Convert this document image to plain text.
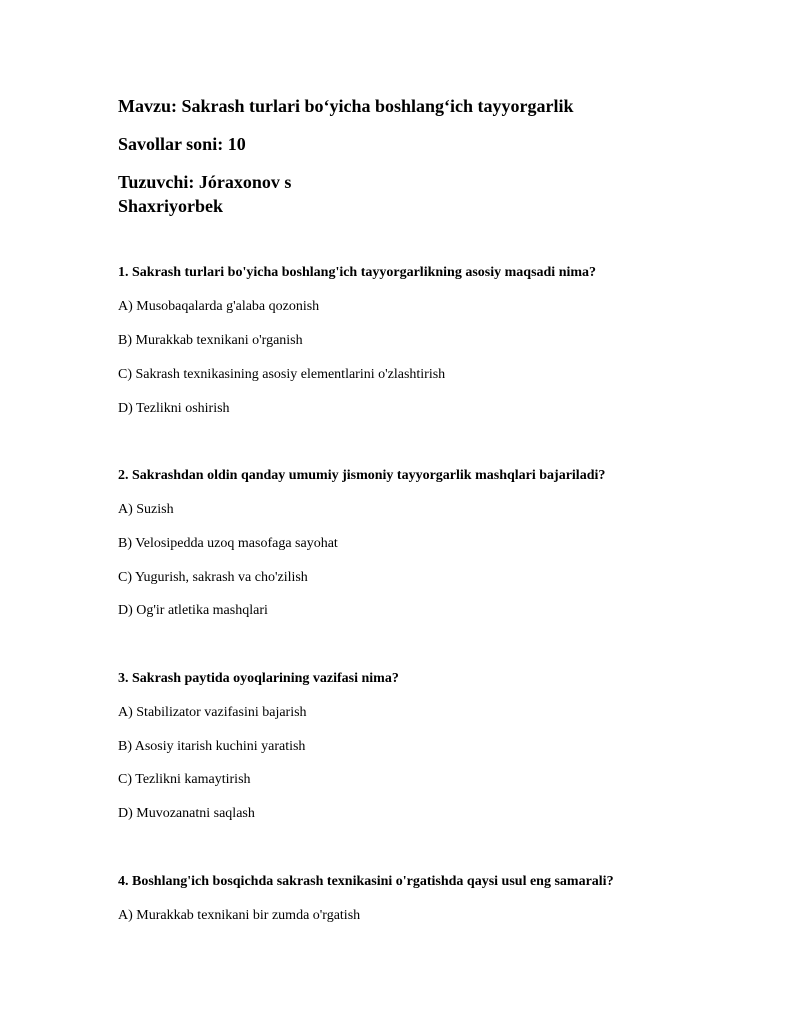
Mavzu: Sakrash turlari bo‘yicha boshlang‘ich tayyorgarlik
Savollar soni: 10
Tuzuvchi: Jóraxonov s
Shaxriyorbek
1. Sakrash turlari bo'yicha boshlang'ich tayyorgarlikning asosiy maqsadi nima?
A) Musobaqalarda g'alaba qozonish
B) Murakkab texnikani o'rganish
C) Sakrash texnikasining asosiy elementlarini o'zlashtirish
D) Tezlikni oshirish
2. Sakrashdan oldin qanday umumiy jismoniy tayyorgarlik mashqlari bajariladi?
A) Suzish
B) Velosipedda uzoq masofaga sayohat
C) Yugurish, sakrash va cho'zilish
D) Og'ir atletika mashqlari
3. Sakrash paytida oyoqlarining vazifasi nima?
A) Stabilizator vazifasini bajarish
B) Asosiy itarish kuchini yaratish
C) Tezlikni kamaytirish
D) Muvozanatni saqlash
4. Boshlang'ich bosqichda sakrash texnikasini o'rgatishda qaysi usul eng samarali?
A) Murakkab texnikani bir zumda o'rgatish
